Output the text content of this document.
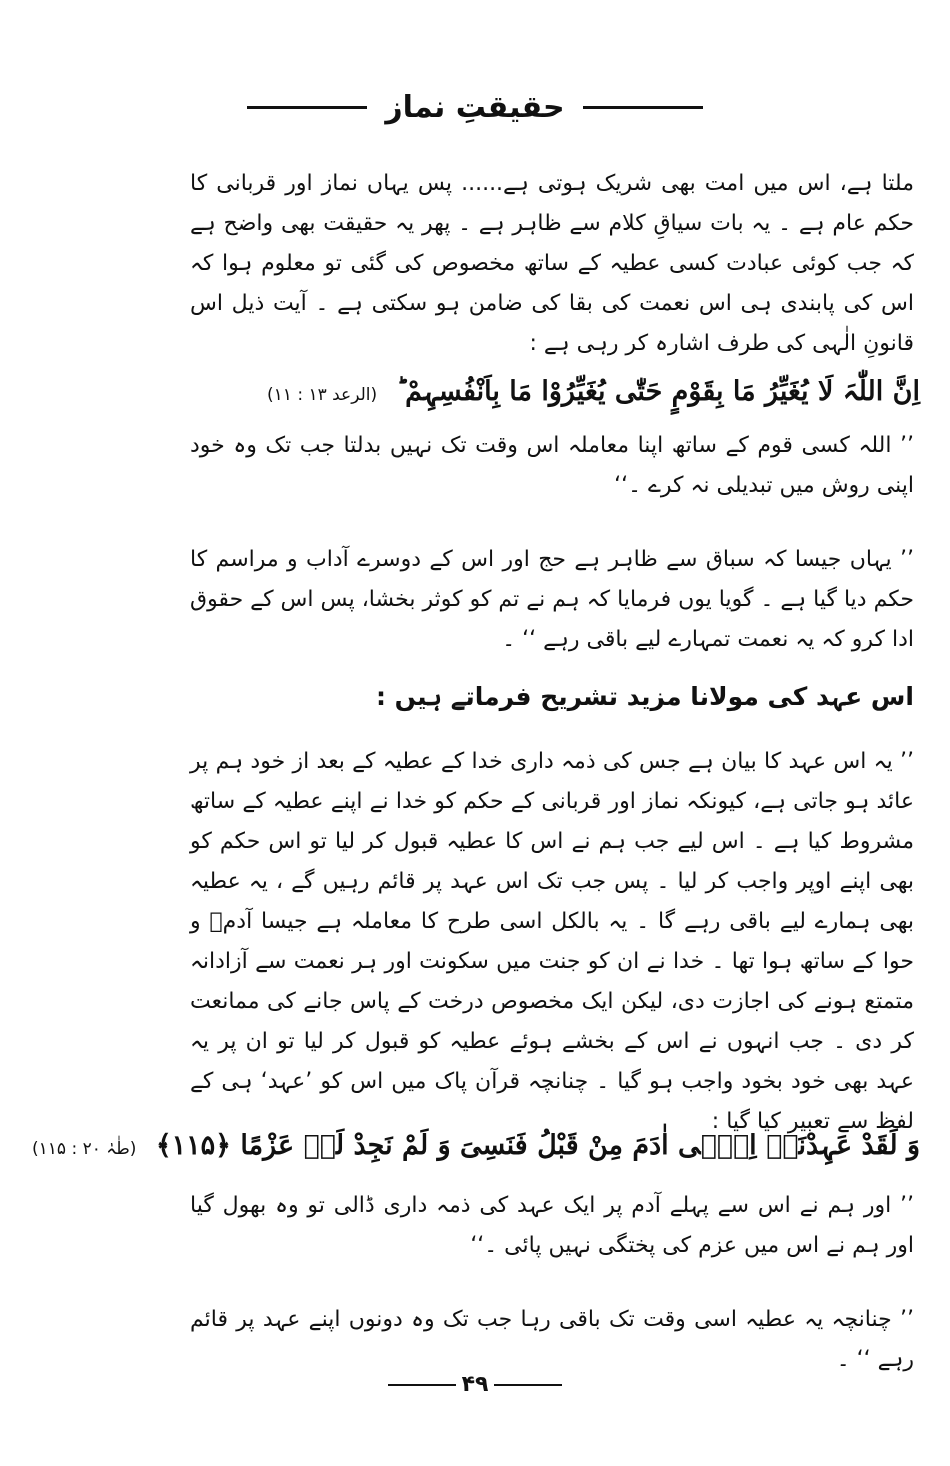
حقیقتِ نماز

ملتا ہے، اس میں امت بھی شریک ہوتی ہے...... پس یہاں نماز اور قربانی کا حکم عام ہے ۔ یہ بات سیاقِ کلام سے ظاہر ہے ۔ پھر یہ حقیقت بھی واضح ہے کہ جب کوئی عبادت کسی عطیہ کے ساتھ مخصوص کی گئی تو معلوم ہوا کہ اس کی پابندی ہی اس نعمت کی بقا کی ضامن ہو سکتی ہے ۔ آیت ذیل اس قانونِ الٰہی کی طرف اشارہ کر رہی ہے :

اِنَّ اللّٰہَ لَا یُغَیِّرُ مَا بِقَوْمٍ حَتّٰی یُغَیِّرُوْا مَا بِاَنْفُسِہِمْ ؕ (الرعد ۱۳ : ۱۱)

’’ اللہ کسی قوم کے ساتھ اپنا معاملہ اس وقت تک نہیں بدلتا جب تک وہ خود اپنی روش میں تبدیلی نہ کرے ۔‘‘

’’ یہاں جیسا کہ سباق سے ظاہر ہے حج اور اس کے دوسرے آداب و مراسم کا حکم دیا گیا ہے ۔ گویا یوں فرمایا کہ ہم نے تم کو کوثر بخشا، پس اس کے حقوق ادا کرو کہ یہ نعمت تمہارے لیے باقی رہے ‘‘ ۔

اس عہد کی مولانا مزید تشریح فرماتے ہیں :

’’ یہ اس عہد کا بیان ہے جس کی ذمہ داری خدا کے عطیہ کے بعد از خود ہم پر عائد ہو جاتی ہے، کیونکہ نماز اور قربانی کے حکم کو خدا نے اپنے عطیہ کے ساتھ مشروط کیا ہے ۔ اس لیے جب ہم نے اس کا عطیہ قبول کر لیا تو اس حکم کو بھی اپنے اوپر واجب کر لیا ۔ پس جب تک اس عہد پر قائم رہیں گے ، یہ عطیہ بھی ہمارے لیے باقی رہے گا ۔ یہ بالکل اسی طرح کا معاملہ ہے جیسا آدمؑ و حوا کے ساتھ ہوا تھا ۔ خدا نے ان کو جنت میں سکونت اور ہر نعمت سے آزادانہ متمتع ہونے کی اجازت دی، لیکن ایک مخصوص درخت کے پاس جانے کی ممانعت کر دی ۔ جب انہوں نے اس کے بخشے ہوئے عطیہ کو قبول کر لیا تو ان پر یہ عہد بھی خود بخود واجب ہو گیا ۔ چنانچہ قرآن پاک میں اس کو ’عہد‘ ہی کے لفظ سے تعبیر کیا گیا :

وَ لَقَدْ عَہِدْنَاۤ اِلٰۤی اٰدَمَ مِنْ قَبْلُ فَنَسِیَ وَ لَمْ نَجِدْ لَہٗ عَزْمًا ﴿۱۱۵﴾ (طٰہٰ ۲۰ : ۱۱۵)

’’ اور ہم نے اس سے پہلے آدم پر ایک عہد کی ذمہ داری ڈالی تو وہ بھول گیا اور ہم نے اس میں عزم کی پختگی نہیں پائی ۔‘‘

’’ چنانچہ یہ عطیہ اسی وقت تک باقی رہا جب تک وہ دونوں اپنے عہد پر قائم رہے ‘‘ ۔

۴۹
